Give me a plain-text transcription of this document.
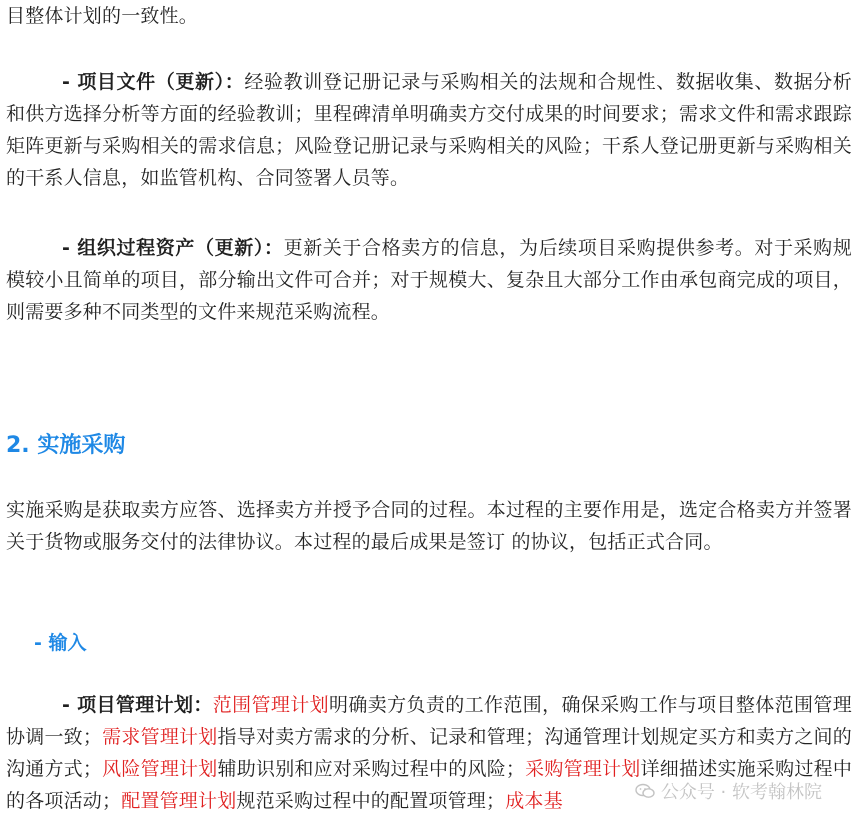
目整体计划的一致性。

- 项目文件（更新）：经验教训登记册记录与采购相关的法规和合规性、数据收集、数据分析和供方选择分析等方面的经验教训；里程碑清单明确卖方交付成果的时间要求；需求文件和需求跟踪矩阵更新与采购相关的需求信息；风险登记册记录与采购相关的风险；干系人登记册更新与采购相关的干系人信息，如监管机构、合同签署人员等。

- 组织过程资产（更新）：更新关于合格卖方的信息，为后续项目采购提供参考。对于采购规模较小且简单的项目，部分输出文件可合并；对于规模大、复杂且大部分工作由承包商完成的项目，则需要多种不同类型的文件来规范采购流程。

2. 实施采购

实施采购是获取卖方应答、选择卖方并授予合同的过程。本过程的主要作用是，选定合格卖方并签署关于货物或服务交付的法律协议。本过程的最后成果是签订 的协议，包括正式合同。

- 输入

- 项目管理计划：范围管理计划明确卖方负责的工作范围，确保采购工作与项目整体范围管理协调一致；需求管理计划指导对卖方需求的分析、记录和管理；沟通管理计划规定买方和卖方之间的沟通方式；风险管理计划辅助识别和应对采购过程中的风险；采购管理计划详细描述实施采购过程中的各项活动；配置管理计划规范采购过程中的配置项管理；成本基	公众号 · 软考翰林院
